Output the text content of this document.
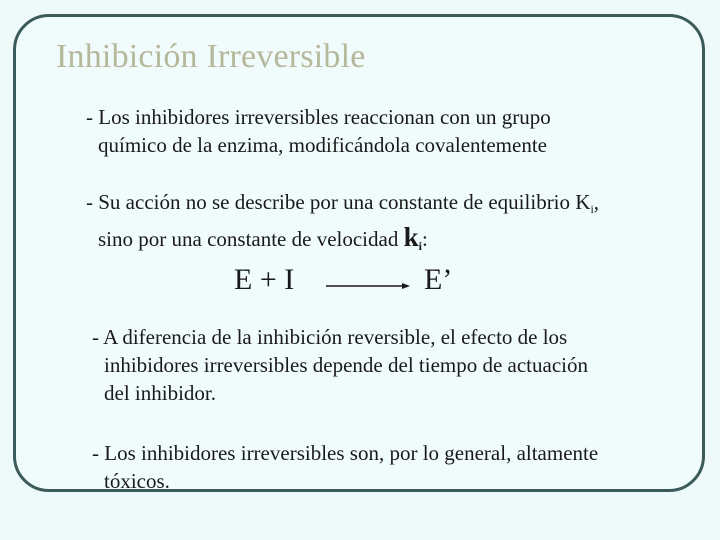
Inhibición Irreversible
- Los inhibidores irreversibles reaccionan con un grupo
químico de la enzima, modificándola covalentemente
- Su acción no se describe por una constante de equilibrio $K_i$,
sino por una constante de velocidad $k_i$:
E + I	E’
- A diferencia de la inhibición reversible, el efecto de los
inhibidores irreversibles depende del tiempo de actuación
del inhibidor.
- Los inhibidores irreversibles son, por lo general, altamente
tóxicos.
